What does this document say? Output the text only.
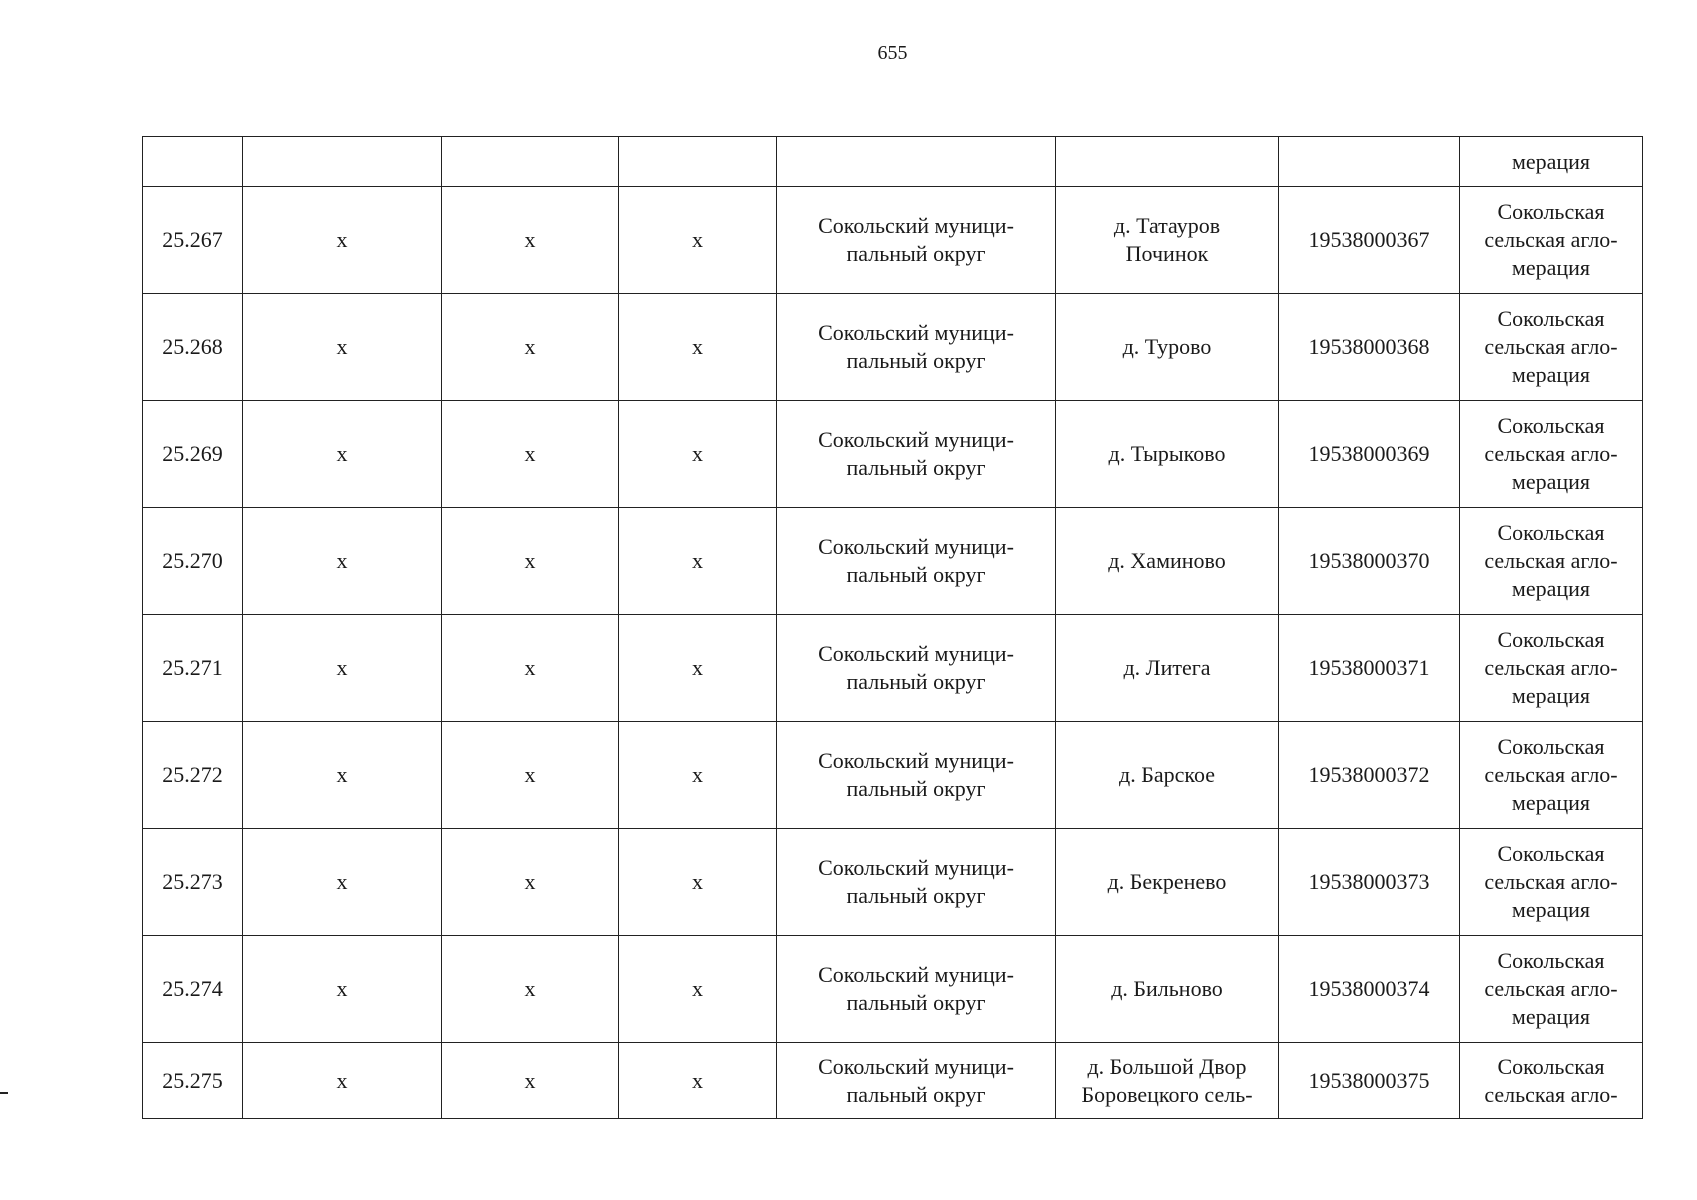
655
							мерация
25.267	x	x	x	Сокольский муници-
пальный округ	д. Татауров
Починок	19538000367	Сокольская
сельская агло-
мерация
25.268	x	x	x	Сокольский муници-
пальный округ	д. Турово	19538000368	Сокольская
сельская агло-
мерация
25.269	x	x	x	Сокольский муници-
пальный округ	д. Тырыково	19538000369	Сокольская
сельская агло-
мерация
25.270	x	x	x	Сокольский муници-
пальный округ	д. Хаминово	19538000370	Сокольская
сельская агло-
мерация
25.271	x	x	x	Сокольский муници-
пальный округ	д. Литега	19538000371	Сокольская
сельская агло-
мерация
25.272	x	x	x	Сокольский муници-
пальный округ	д. Барское	19538000372	Сокольская
сельская агло-
мерация
25.273	x	x	x	Сокольский муници-
пальный округ	д. Бекренево	19538000373	Сокольская
сельская агло-
мерация
25.274	x	x	x	Сокольский муници-
пальный округ	д. Бильново	19538000374	Сокольская
сельская агло-
мерация
25.275	x	x	x	Сокольский муници-
пальный округ	д. Большой Двор
Боровецкого сель-	19538000375	Сокольская
сельская агло-
